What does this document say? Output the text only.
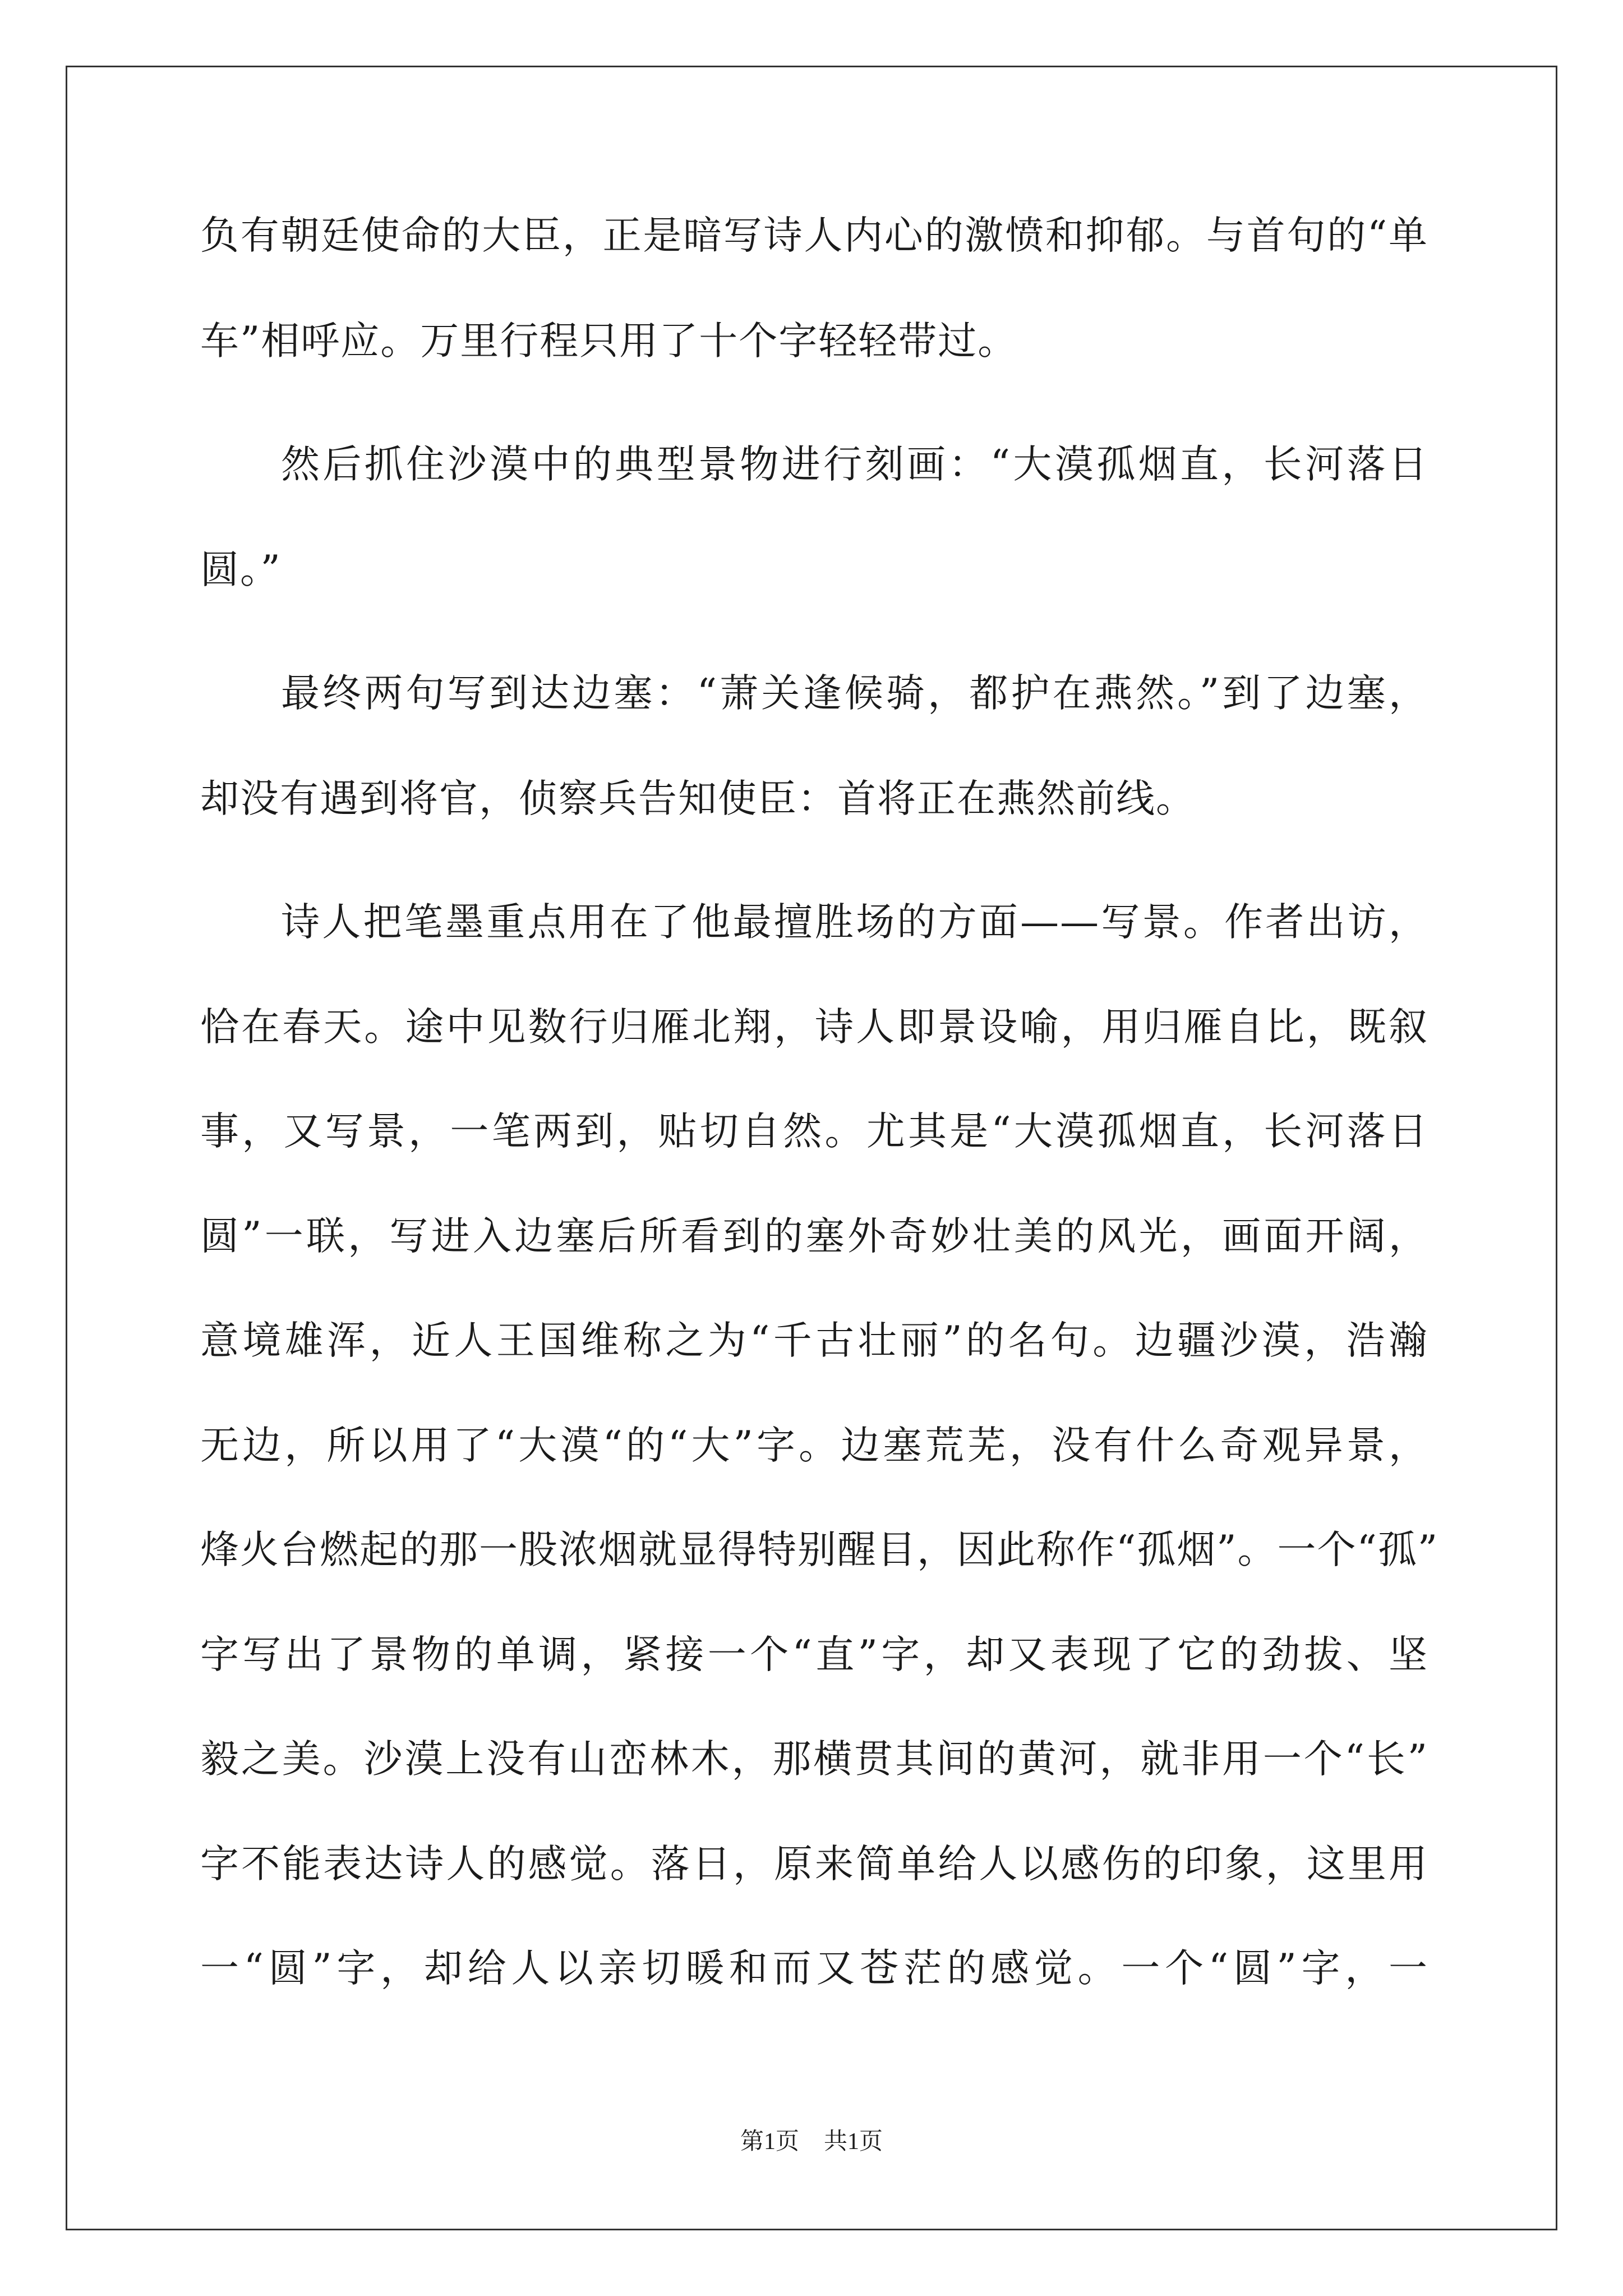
负有朝廷使命的大臣，正是暗写诗人内心的激愤和抑郁。与首句的“单
车”相呼应。万里行程只用了十个字轻轻带过。
然后抓住沙漠中的典型景物进行刻画：“大漠孤烟直，长河落日
圆。”
最终两句写到达边塞：“萧关逢候骑，都护在燕然。”到了边塞，
却没有遇到将官，侦察兵告知使臣：首将正在燕然前线。
诗人把笔墨重点用在了他最擅胜场的方面——写景。作者出访，
恰在春天。途中见数行归雁北翔，诗人即景设喻，用归雁自比，既叙
事，又写景，一笔两到，贴切自然。尤其是“大漠孤烟直，长河落日
圆”一联，写进入边塞后所看到的塞外奇妙壮美的风光，画面开阔，
意境雄浑，近人王国维称之为“千古壮丽”的名句。边疆沙漠，浩瀚
无边，所以用了“大漠“的“大”字。边塞荒芜，没有什么奇观异景，
烽火台燃起的那一股浓烟就显得特别醒目，因此称作“孤烟”。一个“孤”
字写出了景物的单调，紧接一个“直”字，却又表现了它的劲拔、坚
毅之美。沙漠上没有山峦林木，那横贯其间的黄河，就非用一个“长”
字不能表达诗人的感觉。落日，原来简单给人以感伤的印象，这里用
一“圆”字，却给人以亲切暖和而又苍茫的感觉。一个“圆”字，一
第1页 共1页
